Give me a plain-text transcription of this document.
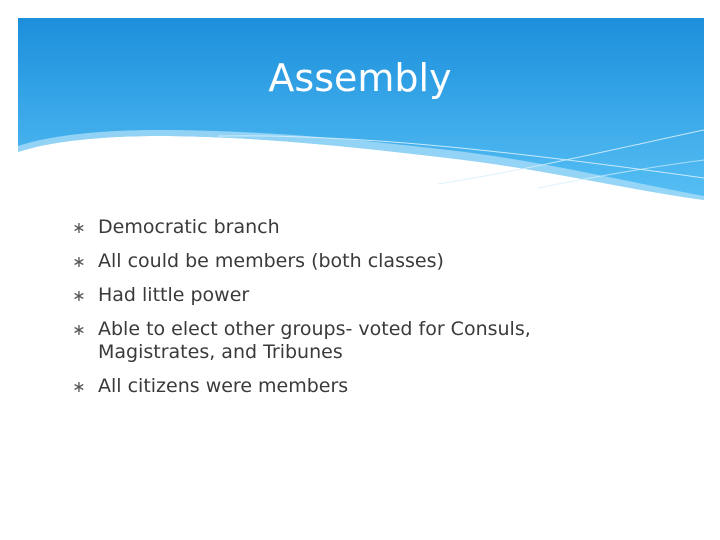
Assembly
∗ Democratic branch
∗ All could be members (both classes)
∗ Had little power
∗ Able to elect other groups- voted for Consuls, Magistrates, and Tribunes
∗ All citizens were members
